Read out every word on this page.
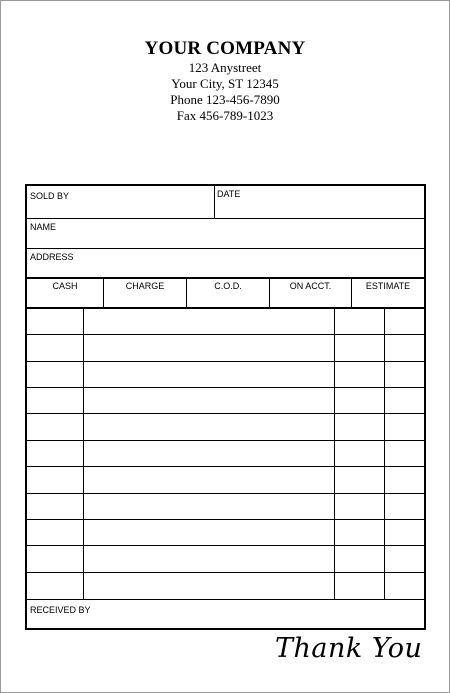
YOUR COMPANY
123 Anystreet
Your City, ST 12345
Phone 123-456-7890
Fax 456-789-1023
SOLD BY	DATE
NAME
ADDRESS
CASH	CHARGE	C.O.D.	ON ACCT.	ESTIMATE
RECEIVED BY
Thank You
